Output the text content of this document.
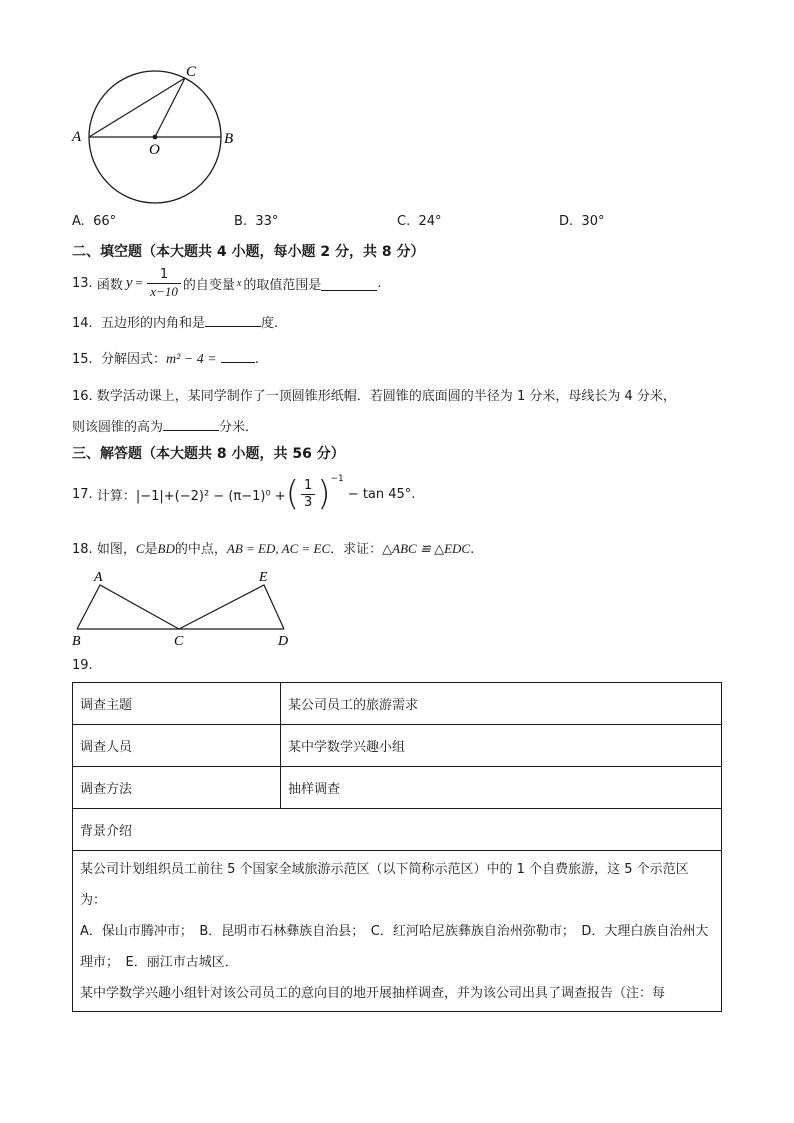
A	B
C
O
A. 66°	B. 33°	C. 24°	D. 30°
二、填空题（本大题共 4 小题，每小题 2 分，共 8 分）
13.
函数 $y = \frac{1}{x-10}$ 的自变量 x 的取值范围是	.
14. 五边形的内角和是	度.
15. 分解因式：m² − 4 =	.
16. 数学活动课上，某同学制作了一顶圆锥形纸帽．若圆锥的底面圆的半径为 1 分米，母线长为 4 分米，
则该圆锥的高为	分米．
三、解答题（本大题共 8 小题，共 56 分）
17.
计算：|−1|+(−2)² − (π−1)⁰ + ( $\frac{1}{3}$ ) −1
− tan 45°.
18. 如图，C是BD的中点，AB = ED, AC = EC．求证：△ABC ≌ △EDC.
A	E
B	C	D
19.
调查主题	某公司员工的旅游需求
调查人员	某中学数学兴趣小组
调查方法	抽样调查
背景介绍	

某公司计划组织员工前往 5 个国家全域旅游示范区（以下简称示范区）中的 1 个自费旅游，这 5 个示范区为：
A．保山市腾冲市；　B．昆明市石林彝族自治县；　C．红河哈尼族彝族自治州弥勒市；　D．大理白族自治州大理市；　E．丽江市古城区．
某中学数学兴趣小组针对该公司员工的意向目的地开展抽样调查，并为该公司出具了调查报告（注：每	
